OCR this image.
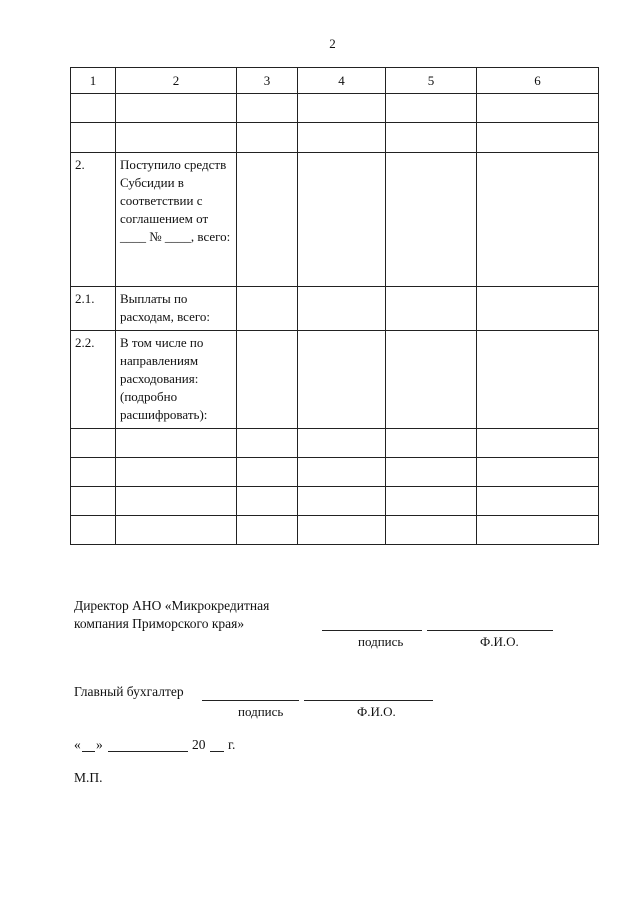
2
1	2	3	4	5	6

2.	Поступило средств Субсидии в соответствии с соглашением от ____ № ____, всего:				

2.1.	Выплаты по расходам, всего:				

2.2.	В том числе по направлениям расходования: (подробно расшифровать):				

Директор АНО «Микрокредитная
компания Приморского края»
подпись	Ф.И.О.
Главный бухгалтер
подпись	Ф.И.О.
« »	20 г.
М.П.
